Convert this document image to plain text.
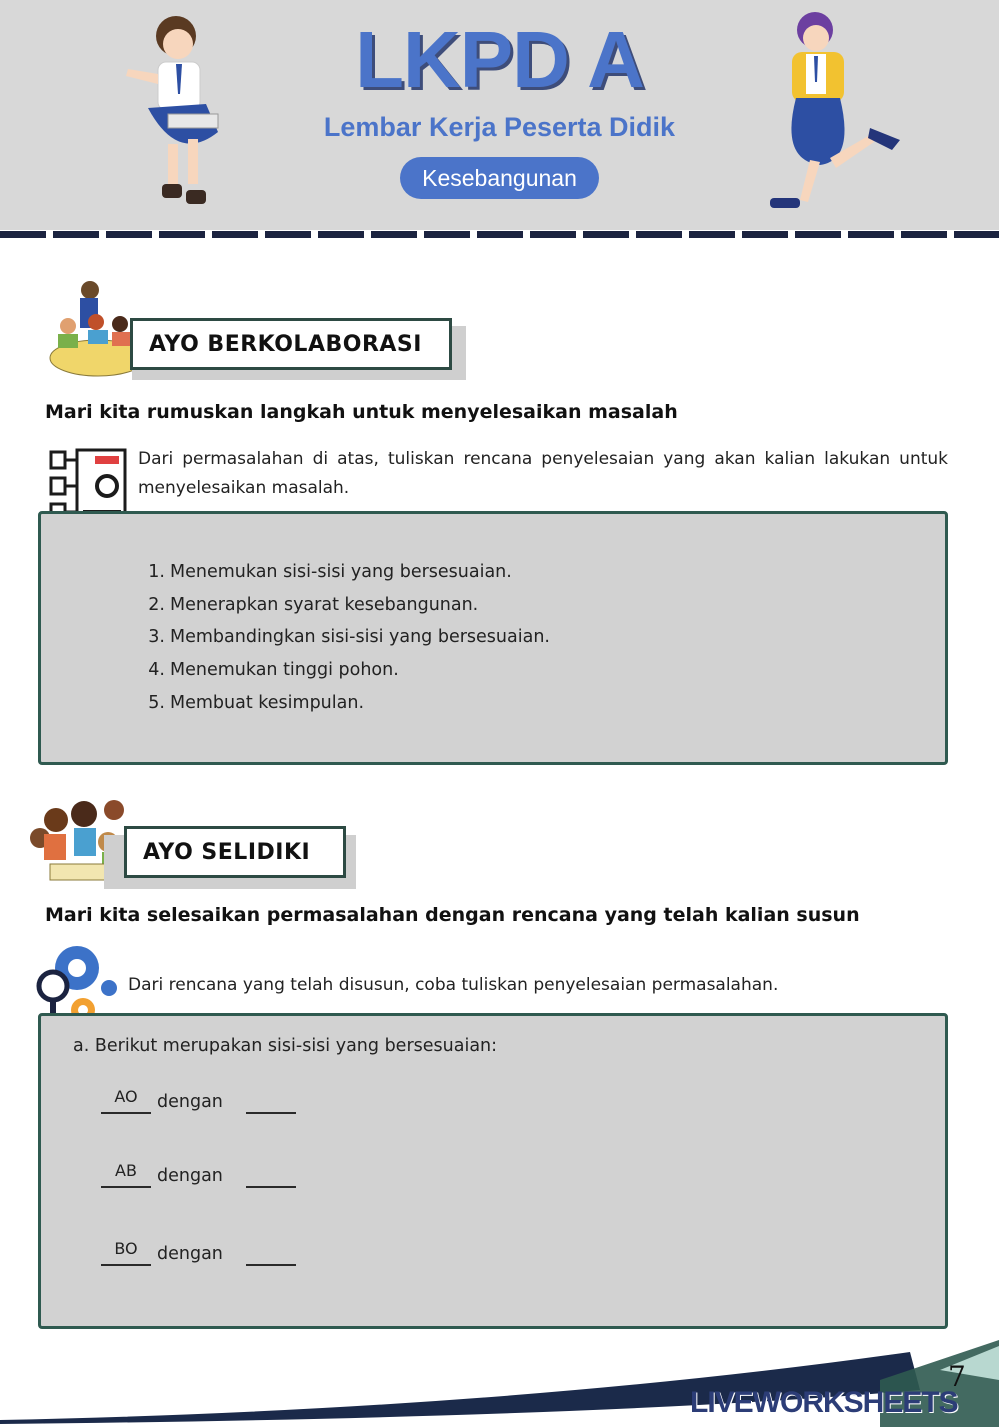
LKPD A
Lembar Kerja Peserta Didik
Kesebangunan
AYO BERKOLABORASI
Mari kita rumuskan langkah untuk menyelesaikan masalah
Dari permasalahan di atas, tuliskan rencana penyelesaian yang akan kalian lakukan untuk menyelesaikan masalah.
1. Menemukan sisi-sisi yang bersesuaian.
2. Menerapkan syarat kesebangunan.
3. Membandingkan sisi-sisi yang bersesuaian.
4. Menemukan tinggi pohon.
5. Membuat kesimpulan.
AYO SELIDIKI
Mari kita selesaikan permasalahan dengan rencana yang telah kalian susun
Dari rencana yang telah disusun, coba tuliskan penyelesaian permasalahan.
a. Berikut merupakan sisi-sisi yang bersesuaian:
AO	dengan
AB	dengan
BO	dengan
7
LIVEWORKSHEETS
